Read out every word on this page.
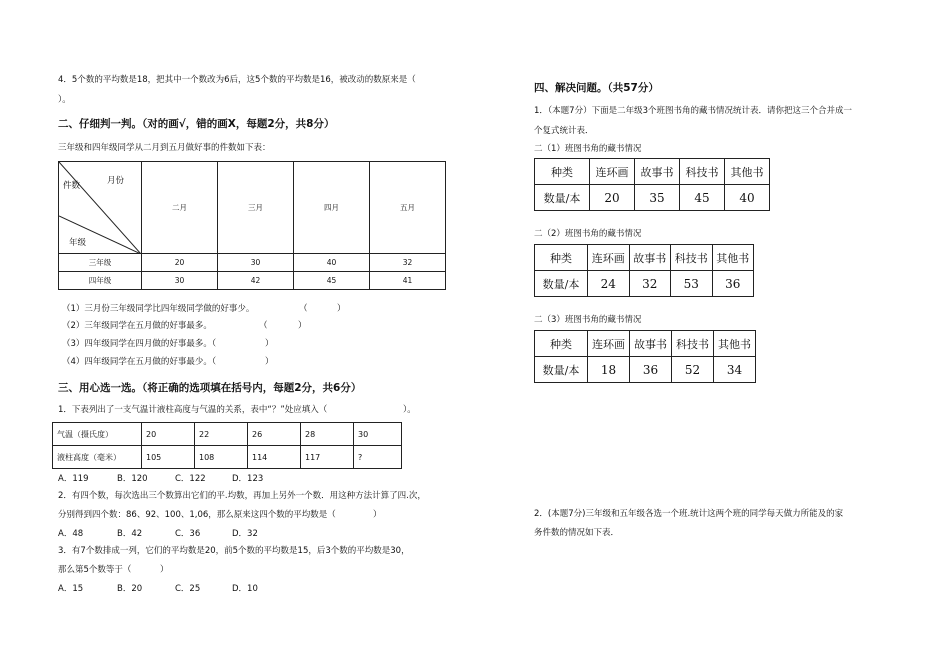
4．5个数的平均数是18，把其中一个数改为6后，这5个数的平均数是16，被改动的数原来是（
）。
二、仔细判一判。（对的画√，错的画X，每题2分，共8分）
三年级和四年级同学从二月到五月做好事的件数如下表：
月份
件数
年级	二月	三月	四月	五月
三年级	20	30	40	32
四年级	30	42	45	41
（1）三月份三年级同学比四年级同学做的好事少。	（	）
（2）三年级同学在五月做的好事最多。	（	）
（3）四年级同学在四月做的好事最多。（	）
（4）四年级同学在五月做的好事最少。（	）
三、用心选一选。（将正确的选项填在括号内，每题2分，共6分）
1．下表列出了一支气温计液柱高度与气温的关系，表中“？”处应填入（	）。
气温（摄氏度）	20	22	26	28	30
液柱高度（毫米）	105	108	114	117	?
A．119	B．120	C．122	D．123
2．有四个数，每次选出三个数算出它们的平.均数，再加上另外一个数．用这种方法计算了四.次，
分别得到四个数：86、92、100、1,06，那么原来这四个数的平均数是（	）
A．48	B．42	C．36	D．32
3．有7个数排成一列，它们的平均数是20，前5个数的平均数是15，后3个数的平均数是30，
那么第5个数等于（	）
A．15	B．20	C．25	D．10
四、解决问题。（共57分）
1．（本题7分）下面是二年级3个班图书角的藏书情况统计表．请你把这三个合并成一
个复式统计表．
二（1）班图书角的藏书情况
种类	连环画	故事书	科技书	其他书
数量/本	20	35	45	40
二（2）班图书角的藏书情况
种类	连环画	故事书	科技书	其他书
数量/本	24	32	53	36
二（3）班图书角的藏书情况
种类	连环画	故事书	科技书	其他书
数量/本	18	36	52	34
2．(本题7分)三年级和五年级各选一个班.统计这两个班的同学每天做力所能及的家
务件数的情况如下表．
